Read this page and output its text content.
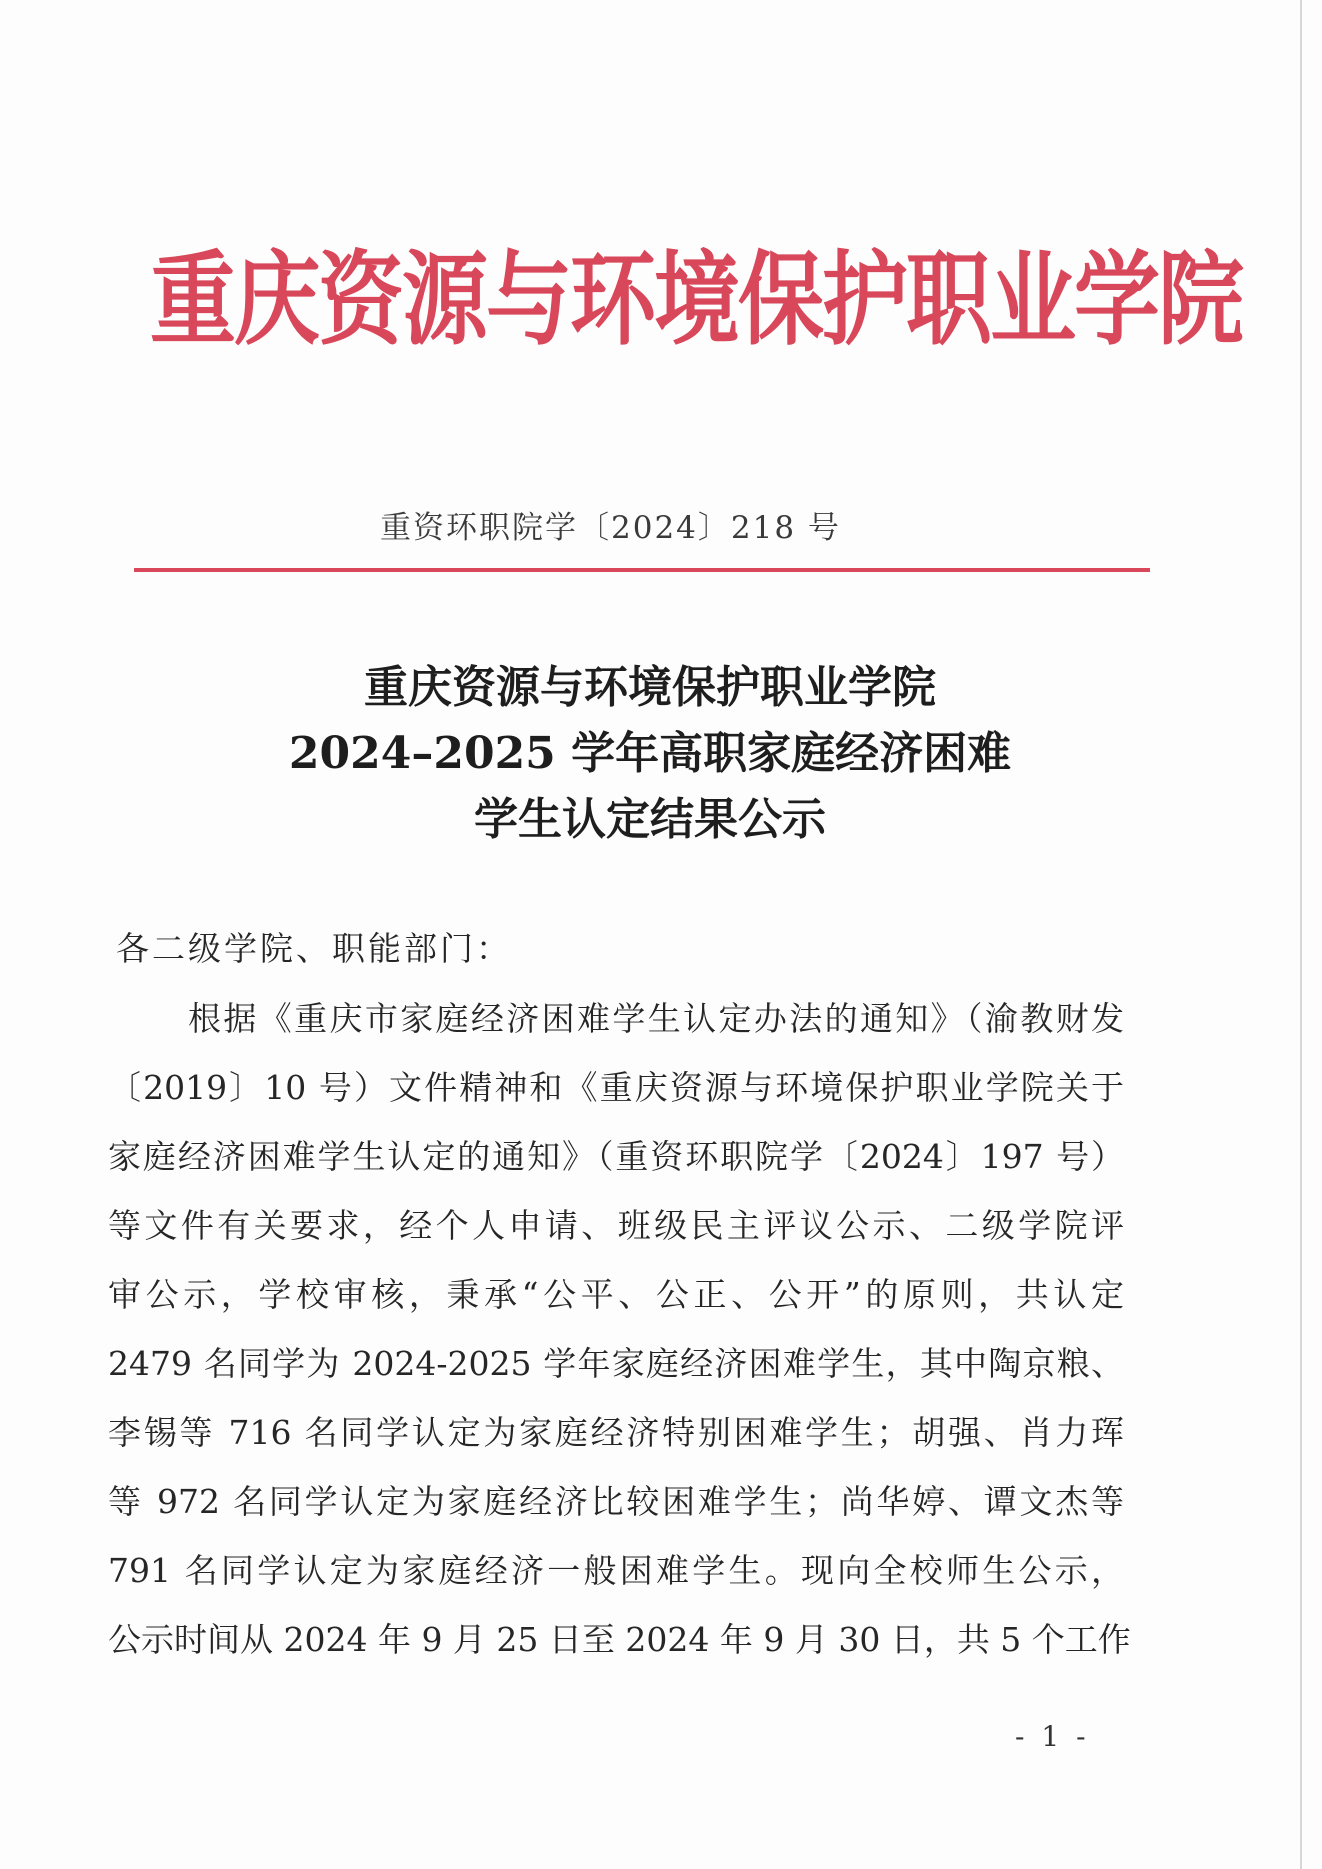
重庆资源与环境保护职业学院
重资环职院学〔2024〕218 号
重庆资源与环境保护职业学院
2024–2025 学年高职家庭经济困难
学生认定结果公示
各二级学院、职能部门：
根据《重庆市家庭经济困难学生认定办法的通知》（渝教财发
〔2019〕10 号）文件精神和《重庆资源与环境保护职业学院关于
家庭经济困难学生认定的通知》（重资环职院学〔2024〕197 号）
等文件有关要求，经个人申请、班级民主评议公示、二级学院评
审公示，学校审核，秉承“公平、公正、公开”的原则，共认定
2479 名同学为 2024-2025 学年家庭经济困难学生，其中陶京粮、
李锡等 716 名同学认定为家庭经济特别困难学生；胡强、肖力珲
等 972 名同学认定为家庭经济比较困难学生；尚华婷、谭文杰等
791 名同学认定为家庭经济一般困难学生。现向全校师生公示，
公示时间从 2024 年 9 月 25 日至 2024 年 9 月 30 日，共 5 个工作
- 1 -
